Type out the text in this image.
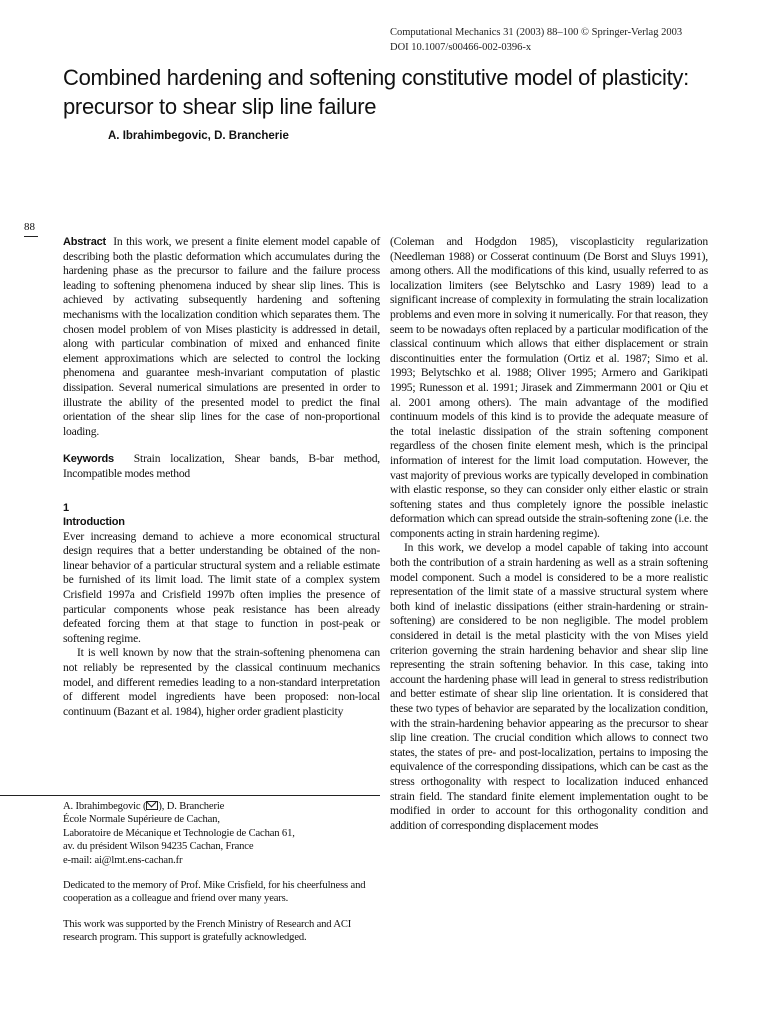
Computational Mechanics 31 (2003) 88–100 © Springer-Verlag 2003
DOI 10.1007/s00466-002-0396-x
Combined hardening and softening constitutive model of plasticity: precursor to shear slip line failure
A. Ibrahimbegovic, D. Brancherie
88

Abstract In this work, we present a finite element model capable of describing both the plastic deformation which accumulates during the hardening phase as the precursor to failure and the failure process leading to softening phenomena induced by shear slip lines. This is achieved by activating subsequently hardening and softening mechanisms with the localization condition which separates them. The chosen model problem of von Mises plasticity is addressed in detail, along with particular combination of mixed and enhanced finite element approximations which are selected to control the locking phenomena and guarantee mesh-invariant computation of plastic dissipation. Several numerical simulations are presented in order to illustrate the ability of the presented model to predict the final orientation of the shear slip lines for the case of non-proportional loading.

Keywords Strain localization, Shear bands, B-bar method, Incompatible modes method

1

Introduction

Ever increasing demand to achieve a more economical structural design requires that a better understanding be obtained of the non-linear behavior of a particular structural system and a reliable estimate be furnished of its limit load. The limit state of a complex system Crisfield 1997a and Crisfield 1997b often implies the presence of particular components whose peak resistance has been already defeated forcing them at that stage to function in post-peak or softening regime.

It is well known by now that the strain-softening phenomena can not reliably be represented by the classical continuum mechanics model, and different remedies leading to a non-standard interpretation of different model ingredients have been proposed: non-local continuum (Bazant et al. 1984), higher order gradient plasticity

(Coleman and Hodgdon 1985), viscoplasticity regularization (Needleman 1988) or Cosserat continuum (De Borst and Sluys 1991), among others. All the modifications of this kind, usually referred to as localization limiters (see Belytschko and Lasry 1989) lead to a significant increase of complexity in formulating the strain localization problems and even more in solving it numerically. For that reason, they seem to be nowadays often replaced by a particular modification of the classical continuum which allows that either displacement or strain discontinuities enter the formulation (Ortiz et al. 1987; Simo et al. 1993; Belytschko et al. 1988; Oliver 1995; Armero and Garikipati 1995; Runesson et al. 1991; Jirasek and Zimmermann 2001 or Qiu et al. 2001 among others). The main advantage of the modified continuum models of this kind is to provide the adequate measure of the total inelastic dissipation of the strain softening component regardless of the chosen finite element mesh, which is the principal information of interest for the limit load computation. However, the vast majority of previous works are typically developed in combination with elastic response, so they can consider only either elastic or strain softening states and thus completely ignore the possible inelastic deformation which can spread outside the strain-softening zone (i.e. the components acting in strain hardening regime).

In this work, we develop a model capable of taking into account both the contribution of a strain hardening as well as a strain softening model component. Such a model is considered to be a more realistic representation of the limit state of a massive structural system where both kind of inelastic dissipations (either strain-hardening or strain-softening) are considered to be non negligible. The model problem considered in detail is the metal plasticity with the von Mises yield criterion governing the strain hardening behavior and shear slip line representing the strain softening behavior. In this case, taking into account the hardening phase will lead in general to stress redistribution and better estimate of shear slip line orientation. It is considered that these two types of behavior are separated by the localization condition, with the strain-hardening behavior appearing as the precursor to shear slip line creation. The crucial condition which allows to connect two states, the states of pre- and post-localization, pertains to imposing the equivalence of the corresponding dissipations, which can be cast as the stress orthogonality with respect to localization induced enhanced strain field. The standard finite element implementation ought to be modified in order to account for this orthogonality condition and addition of corresponding displacement modes

A. Ibrahimbegovic ( ), D. Brancherie

École Normale Supérieure de Cachan,

Laboratoire de Mécanique et Technologie de Cachan 61,

av. du président Wilson 94235 Cachan, France

e-mail: ai@lmt.ens-cachan.fr

Dedicated to the memory of Prof. Mike Crisfield, for his cheerfulness and cooperation as a colleague and friend over many years.

This work was supported by the French Ministry of Research and ACI research program. This support is gratefully acknowledged.
